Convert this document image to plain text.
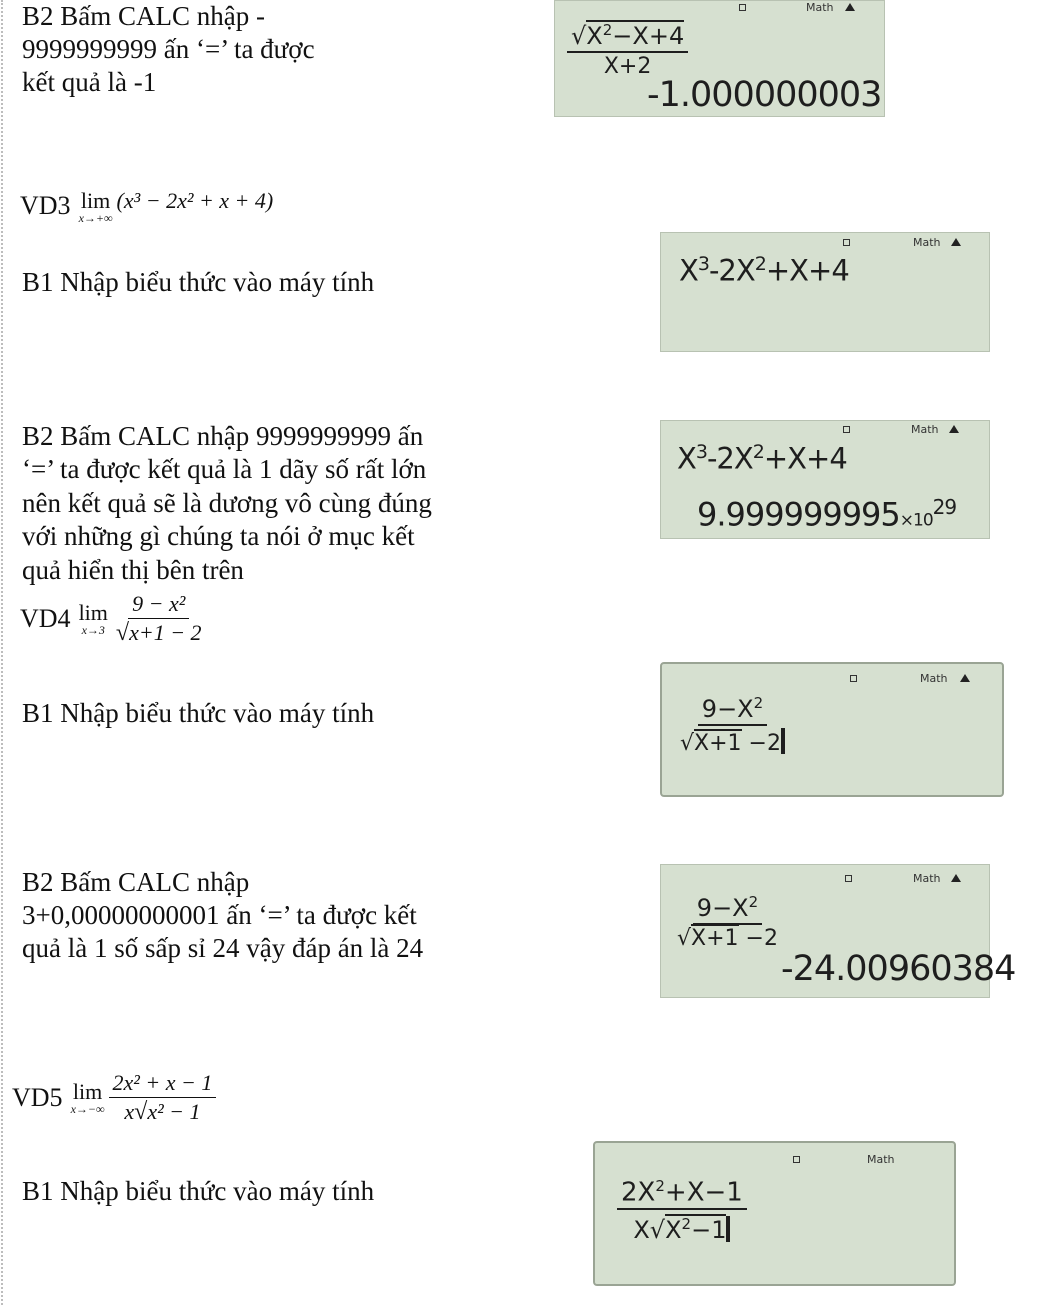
B2 Bấm CALC nhập -

9999999999 ấn ‘=’ ta được

kết quả là -1

Math
$\frac{√X^2-X+4}{X+2}$
-1.000000003
VD3 lim
x→+∞
(x³ − 2x² + x + 4)

B1 Nhập biểu thức vào máy tính

Math
$X^3-2X^2+X+4$

B2 Bấm CALC nhập 9999999999 ấn

‘=’ ta được kết quả là 1 dãy số rất lớn

nên kết quả sẽ là dương vô cùng đúng

với những gì chúng ta nói ở mục kết

quả hiển thị bên trên

Math
$X^3-2X^2+X+4$
$9.999999995\times 10^{29}$
VD4 lim
$x\to 3 \frac{\text{9 − x²}}{√x+1 - 2}$

B1 Nhập biểu thức vào máy tính

Math
$\frac{9-X^2}{√X+1 -2}$

B2 Bấm CALC nhập

3+0,00000000001 ấn ‘=’ ta được kết

quả là 1 số sấp sỉ 24 vậy đáp án là 24

Math
$\frac{9-X^2}{√X+1 -2}$
-24.00960384
VD5 lim
$x\to-\infty \frac{\text{2x² + x − 1}}{\text{x√x² − 1}}$

B1 Nhập biểu thức vào máy tính

Math
$\frac{2X^2+X-1}{X√X^2-1}$
